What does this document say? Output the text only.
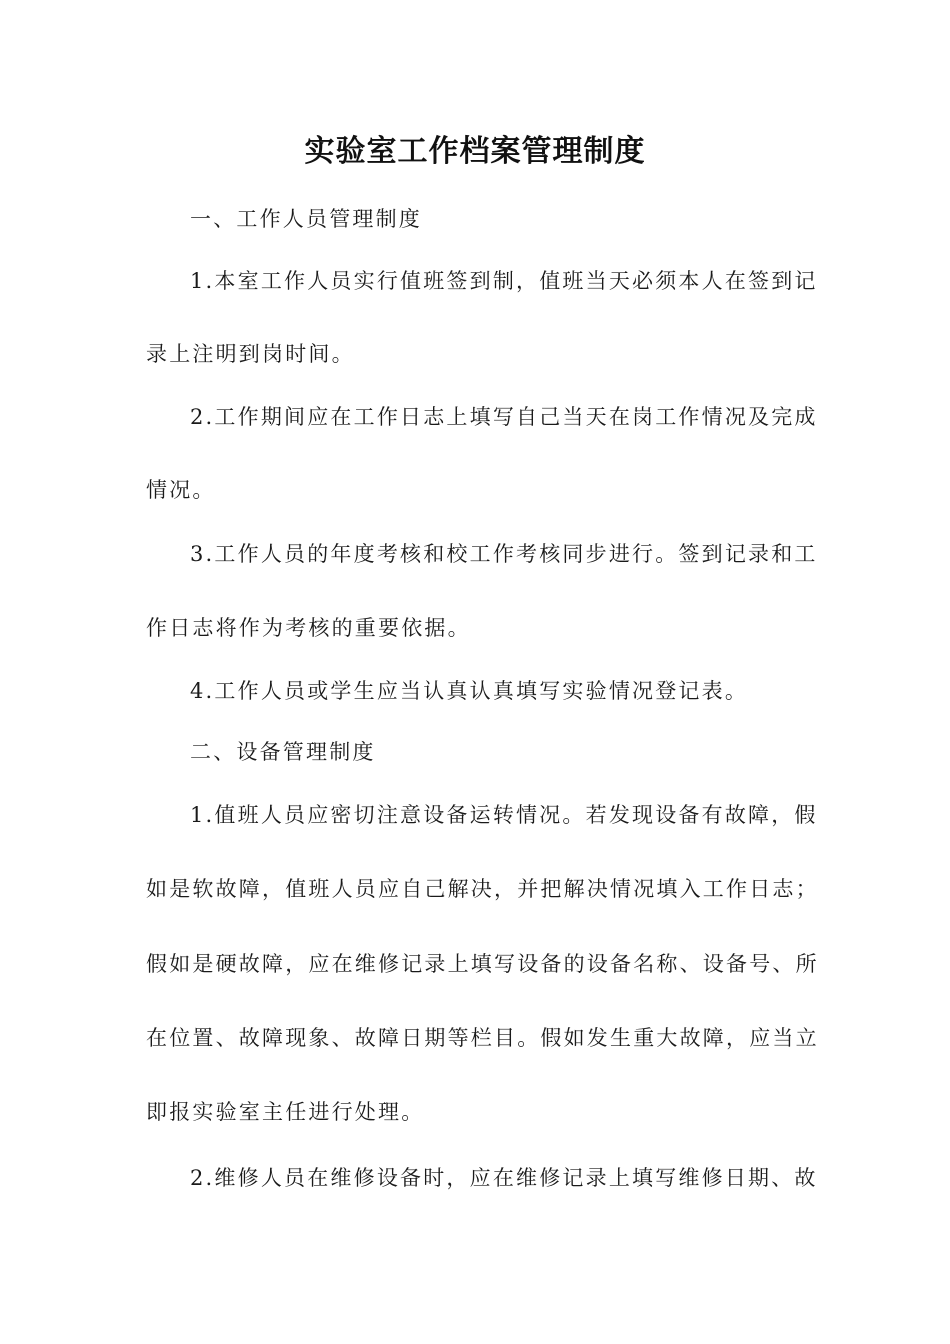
实验室工作档案管理制度
一、工作人员管理制度
1.本室工作人员实行值班签到制，值班当天必须本人在签到记
录上注明到岗时间。
2.工作期间应在工作日志上填写自己当天在岗工作情况及完成
情况。
3.工作人员的年度考核和校工作考核同步进行。签到记录和工
作日志将作为考核的重要依据。
4.工作人员或学生应当认真认真填写实验情况登记表。
二、设备管理制度
1.值班人员应密切注意设备运转情况。若发现设备有故障，假
如是软故障，值班人员应自己解决，并把解决情况填入工作日志；
假如是硬故障，应在维修记录上填写设备的设备名称、设备号、所
在位置、故障现象、故障日期等栏目。假如发生重大故障，应当立
即报实验室主任进行处理。
2.维修人员在维修设备时，应在维修记录上填写维修日期、故
